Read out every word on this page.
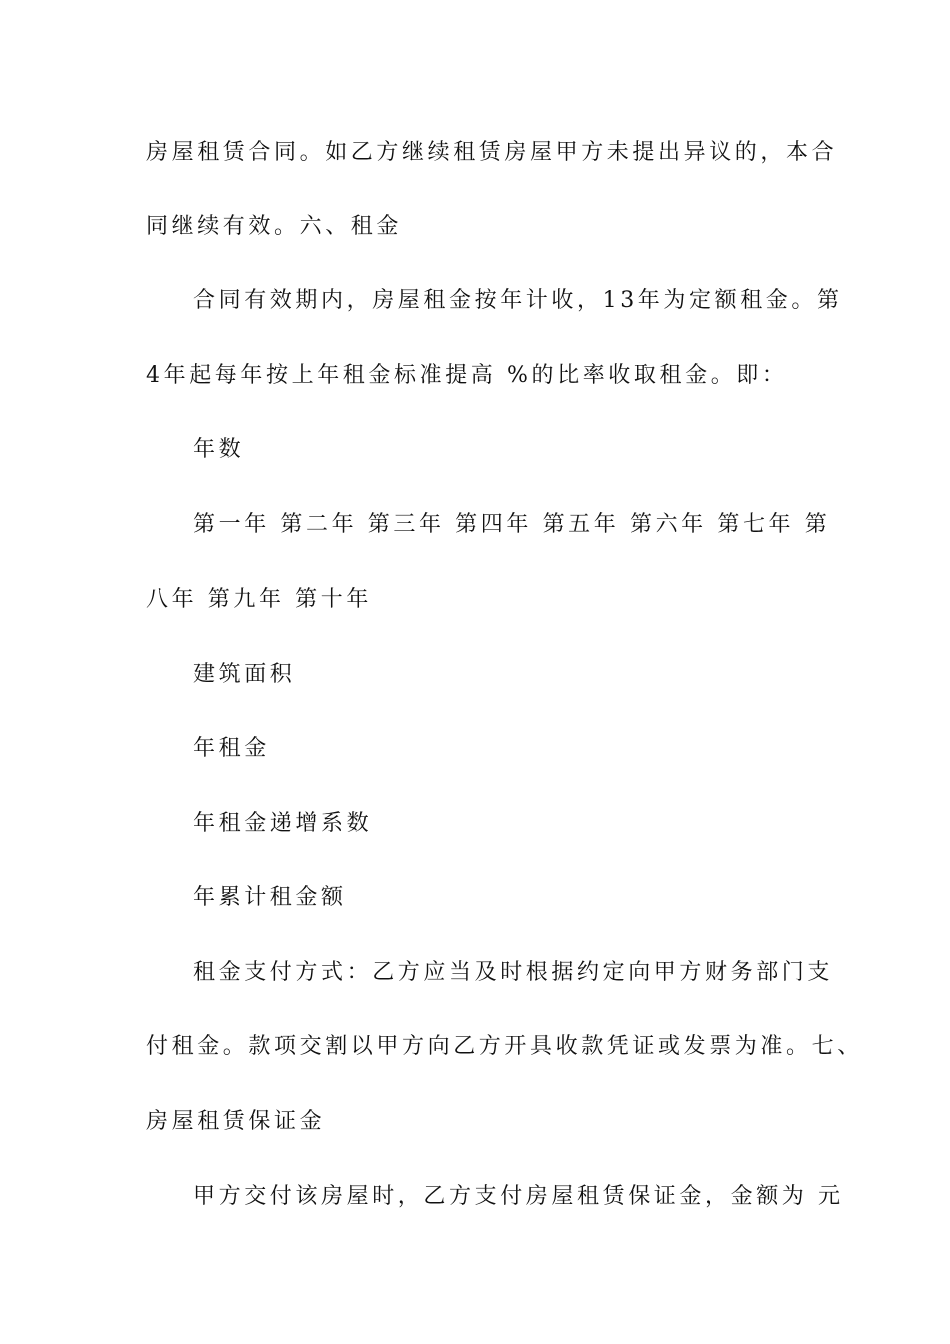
房屋租赁合同。如乙方继续租赁房屋甲方未提出异议的，本合
同继续有效。六、租金
合同有效期内，房屋租金按年计收，13年为定额租金。第
4年起每年按上年租金标准提高 %的比率收取租金。即：
年数
第一年 第二年 第三年 第四年 第五年 第六年 第七年 第
八年 第九年 第十年
建筑面积
年租金
年租金递增系数
年累计租金额
租金支付方式：乙方应当及时根据约定向甲方财务部门支
付租金。款项交割以甲方向乙方开具收款凭证或发票为准。七、
房屋租赁保证金
甲方交付该房屋时，乙方支付房屋租赁保证金，金额为 元
